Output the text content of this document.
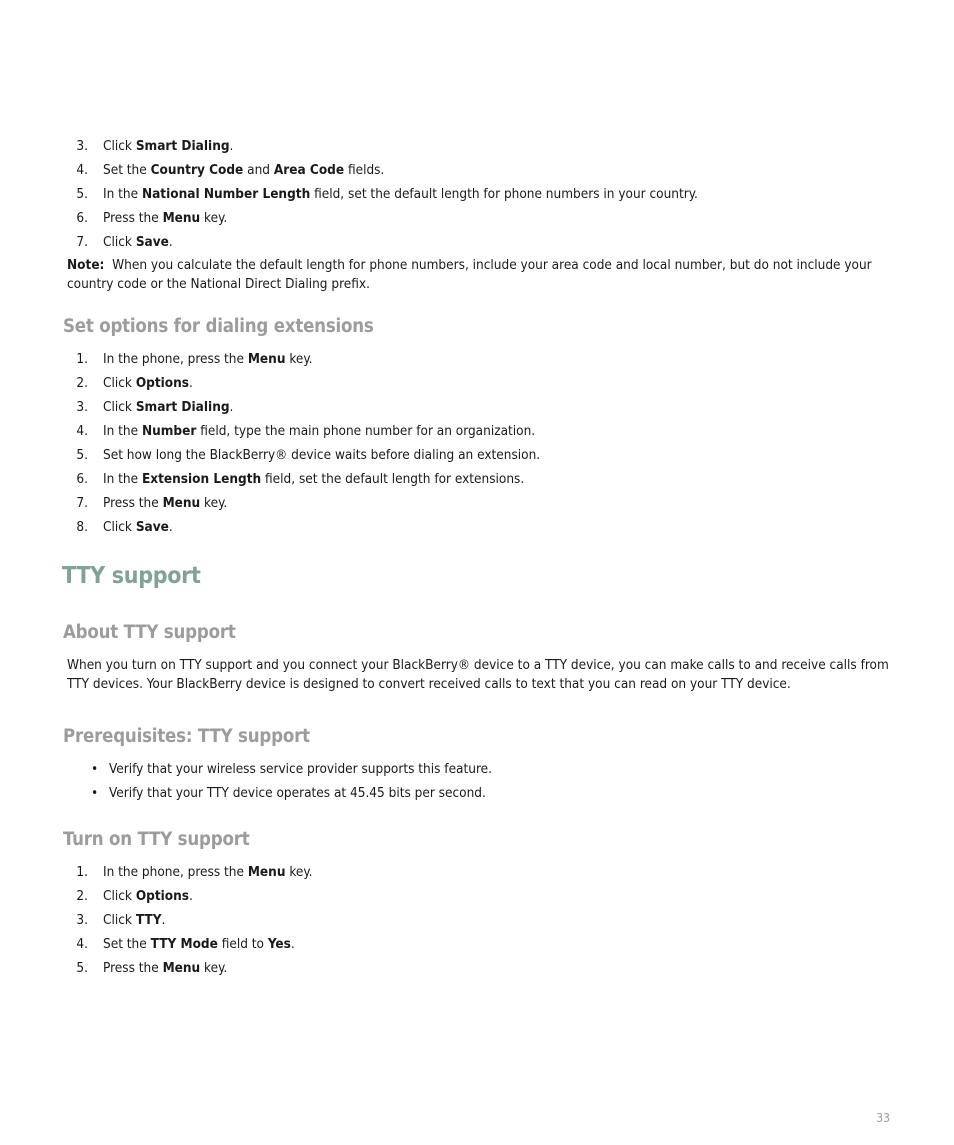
3. Click Smart Dialing.
4. Set the Country Code and Area Code fields.
5. In the National Number Length field, set the default length for phone numbers in your country.
6. Press the Menu key.
7. Click Save.
Note: When you calculate the default length for phone numbers, include your area code and local number, but do not include your country code or the National Direct Dialing prefix.
Set options for dialing extensions
1. In the phone, press the Menu key.
2. Click Options.
3. Click Smart Dialing.
4. In the Number field, type the main phone number for an organization.
5. Set how long the BlackBerry® device waits before dialing an extension.
6. In the Extension Length field, set the default length for extensions.
7. Press the Menu key.
8. Click Save.
TTY support
About TTY support
When you turn on TTY support and you connect your BlackBerry® device to a TTY device, you can make calls to and receive calls from TTY devices. Your BlackBerry device is designed to convert received calls to text that you can read on your TTY device.
Prerequisites: TTY support
• Verify that your wireless service provider supports this feature.
• Verify that your TTY device operates at 45.45 bits per second.
Turn on TTY support
1. In the phone, press the Menu key.
2. Click Options.
3. Click TTY.
4. Set the TTY Mode field to Yes.
5. Press the Menu key.
33
